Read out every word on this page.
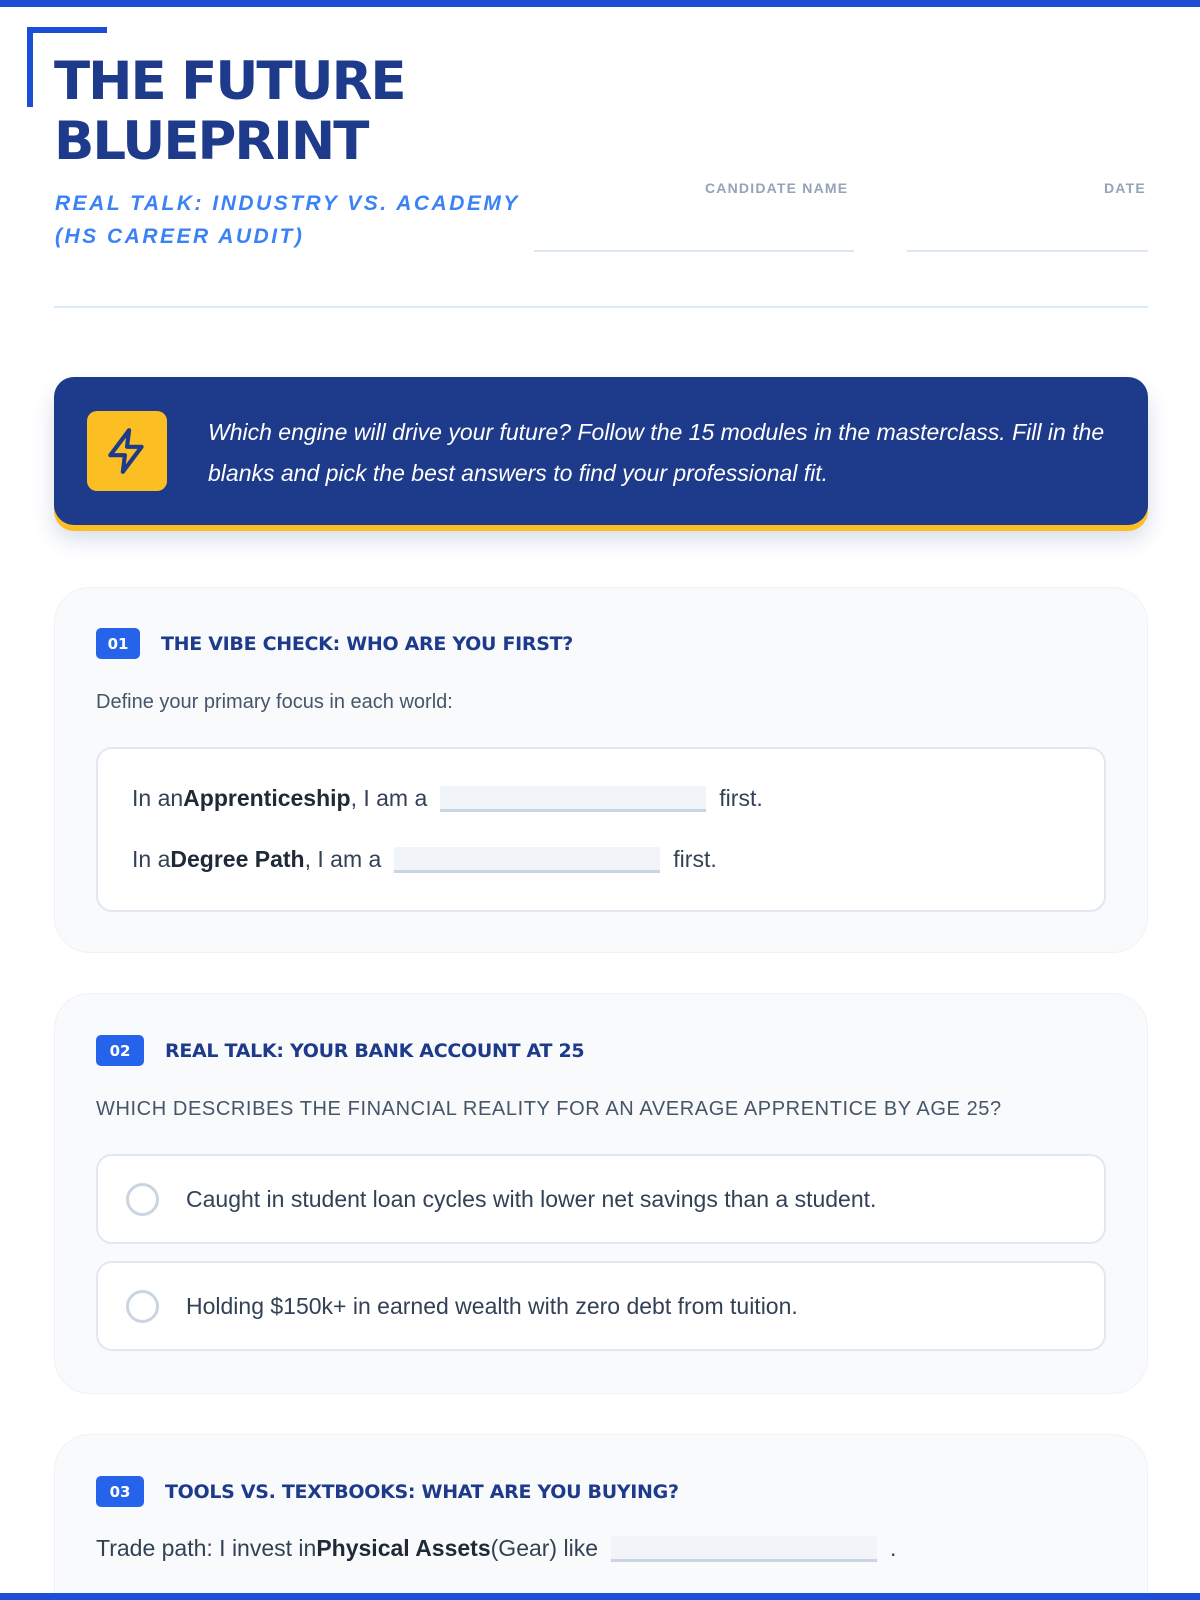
THE FUTURE
BLUEPRINT
REAL TALK: INDUSTRY VS. ACADEMY (HS CAREER AUDIT)
CANDIDATE NAME	DATE
Which engine will drive your future? Follow the 15 modules in the masterclass. Fill in the blanks and pick the best answers to find your professional fit.
01	THE VIBE CHECK: WHO ARE YOU FIRST?
Define your primary focus in each world:
In an Apprenticeship , I am a	first.
In a Degree Path , I am a	first.
02	REAL TALK: YOUR BANK ACCOUNT AT 25
WHICH DESCRIBES THE FINANCIAL REALITY FOR AN AVERAGE APPRENTICE BY AGE 25?
Caught in student loan cycles with lower net savings than a student.
Holding $150k+ in earned wealth with zero debt from tuition.
03	TOOLS VS. TEXTBOOKS: WHAT ARE YOU BUYING?
Trade path: I invest in Physical Assets (Gear) like	.
